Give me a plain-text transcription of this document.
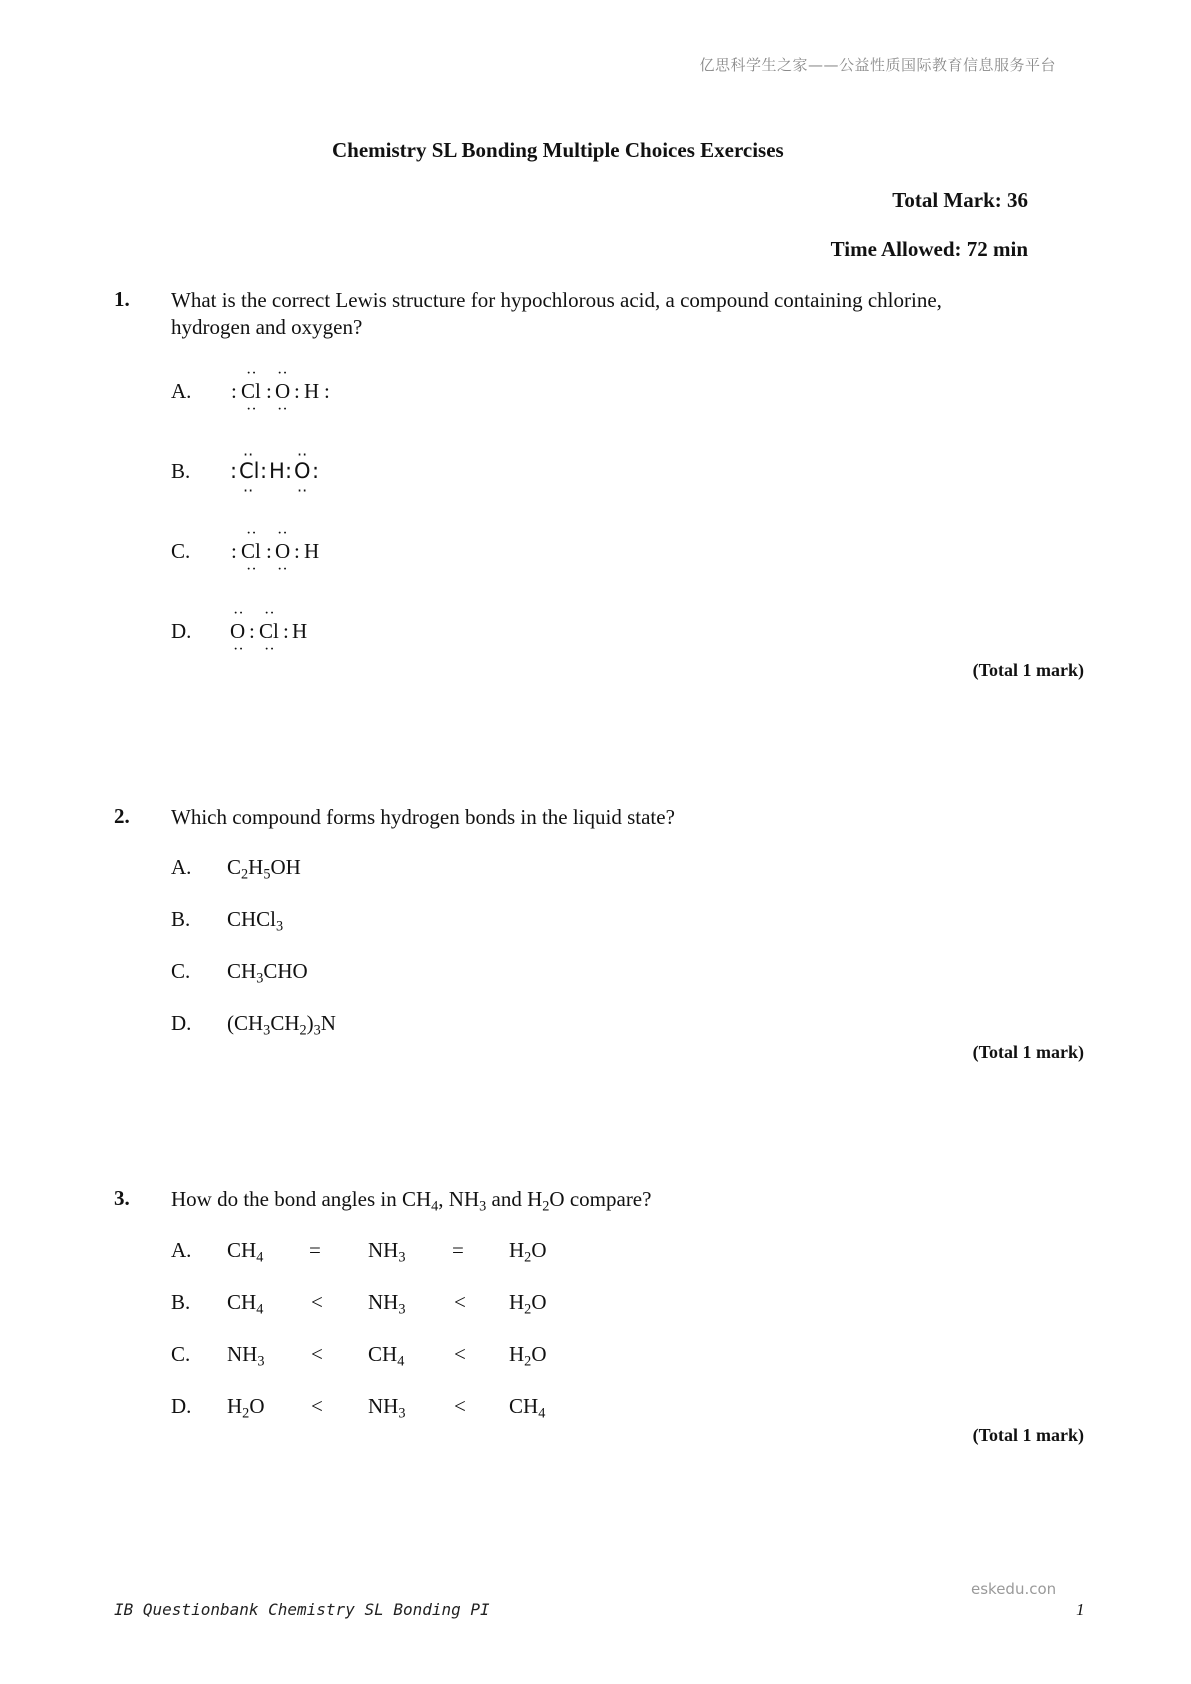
亿思科学生之家——公益性质国际教育信息服务平台
Chemistry SL Bonding Multiple Choices Exercises
Total Mark: 36
Time Allowed: 72 min
1. What is the correct Lewis structure for hypochlorous acid, a compound containing chlorine, hydrogen and oxygen?
A. : Cl : O : H :
·· ··
·· ··
B. : Cl : H : O :
··	··
··	··
C. : Cl : O : H
·· ··
·· ··
D. O : Cl : H
·· ··
·· ··
(Total 1 mark)
2. Which compound forms hydrogen bonds in the liquid state?
A. $C_2H_5OH$
B. CHCl$_3$
C. $CH_3CHO$
D. $(CH_3CH_2)_3N$
(Total 1 mark)
3. How do the bond angles in $CH_4$, $NH_3$ and $H_2O$ compare?
A. $CH_4 = NH_3 = H_2O$
B. $CH_4 < NH_3 < H_2O$
C. $NH_3 < CH_4 < H_2O$
D. $H_2O < NH_3 < CH_4$
(Total 1 mark)
eskedu.con
IB Questionbank Chemistry SL Bonding PI	1
